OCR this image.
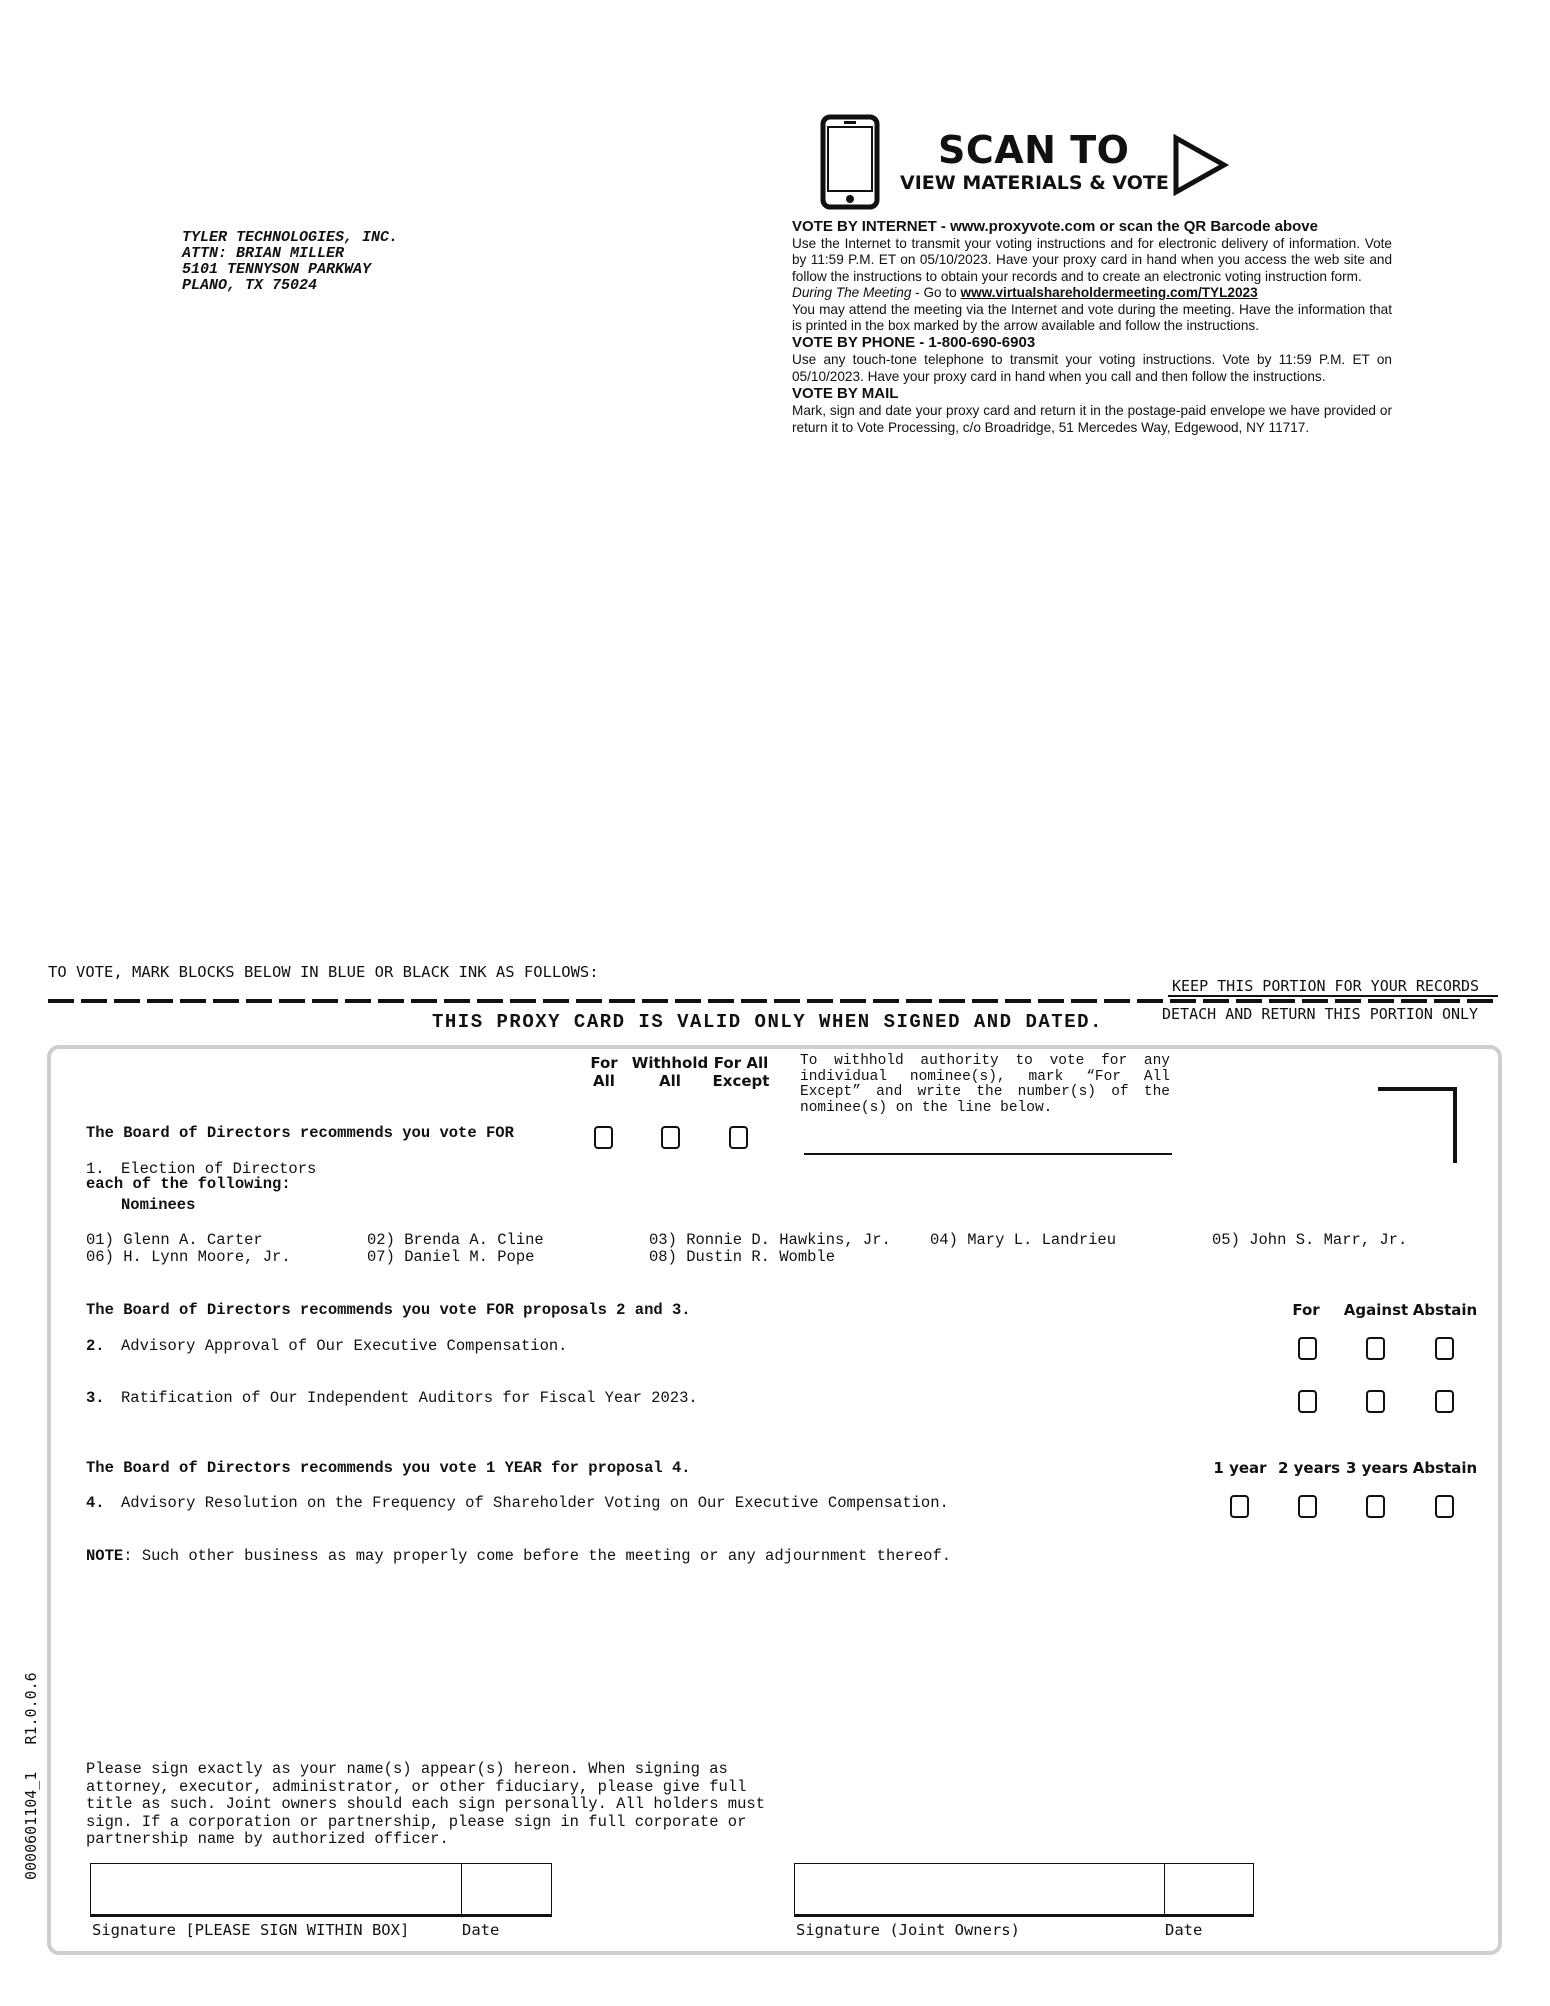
TYLER TECHNOLOGIES, INC.
ATTN: BRIAN MILLER
5101 TENNYSON PARKWAY
PLANO, TX 75024
SCAN TO
VIEW MATERIALS & VOTE
VOTE BY INTERNET - www.proxyvote.com or scan the QR Barcode above

Use the Internet to transmit your voting instructions and for electronic delivery of information. Vote by 11:59 P.M. ET on 05/10/2023. Have your proxy card in hand when you access the web site and follow the instructions to obtain your records and to create an electronic voting instruction form.

During The Meeting - Go to www.virtualshareholdermeeting.com/TYL2023

You may attend the meeting via the Internet and vote during the meeting. Have the information that is printed in the box marked by the arrow available and follow the instructions.

VOTE BY PHONE - 1-800-690-6903

Use any touch-tone telephone to transmit your voting instructions. Vote by 11:59 P.M. ET on 05/10/2023. Have your proxy card in hand when you call and then follow the instructions.

VOTE BY MAIL

Mark, sign and date your proxy card and return it in the postage-paid envelope we have provided or return it to Vote Processing, c/o Broadridge, 51 Mercedes Way, Edgewood, NY 11717.

TO VOTE, MARK BLOCKS BELOW IN BLUE OR BLACK INK AS FOLLOWS:
KEEP THIS PORTION FOR YOUR RECORDS
DETACH AND RETURN THIS PORTION ONLY
THIS PROXY CARD IS VALID ONLY WHEN SIGNED AND DATED.
For
All
Withhold
All
For All
Except
To withhold authority to vote for any individual nominee(s), mark “For All Except” and write the number(s) of the nominee(s) on the line below.

The Board of Directors recommends you vote FOR

each of the following:

1. Election of Directors
Nominees
01) Glenn A. Carter	02) Brenda A. Cline	03) Ronnie D. Hawkins, Jr.	04) Mary L. Landrieu	05) John S. Marr, Jr.
06) H. Lynn Moore, Jr.	07) Daniel M. Pope	08) Dustin R. Womble
The Board of Directors recommends you vote FOR proposals 2 and 3.	For	Against Abstain
2. Advisory Approval of Our Executive Compensation.
3. Ratification of Our Independent Auditors for Fiscal Year 2023.
The Board of Directors recommends you vote 1 YEAR for proposal 4.	1 year 2 years 3 years Abstain
4. Advisory Resolution on the Frequency of Shareholder Voting on Our Executive Compensation.
NOTE: Such other business as may properly come before the meeting or any adjournment thereof.
Please sign exactly as your name(s) appear(s) hereon. When signing as attorney, executor, administrator, or other fiduciary, please give full title as such. Joint owners should each sign personally. All holders must sign. If a corporation or partnership, please sign in full corporate or partnership name by authorized officer.
Signature [PLEASE SIGN WITHIN BOX]	Date	Signature (Joint Owners)	Date
0000601104_1   R1.0.0.6
